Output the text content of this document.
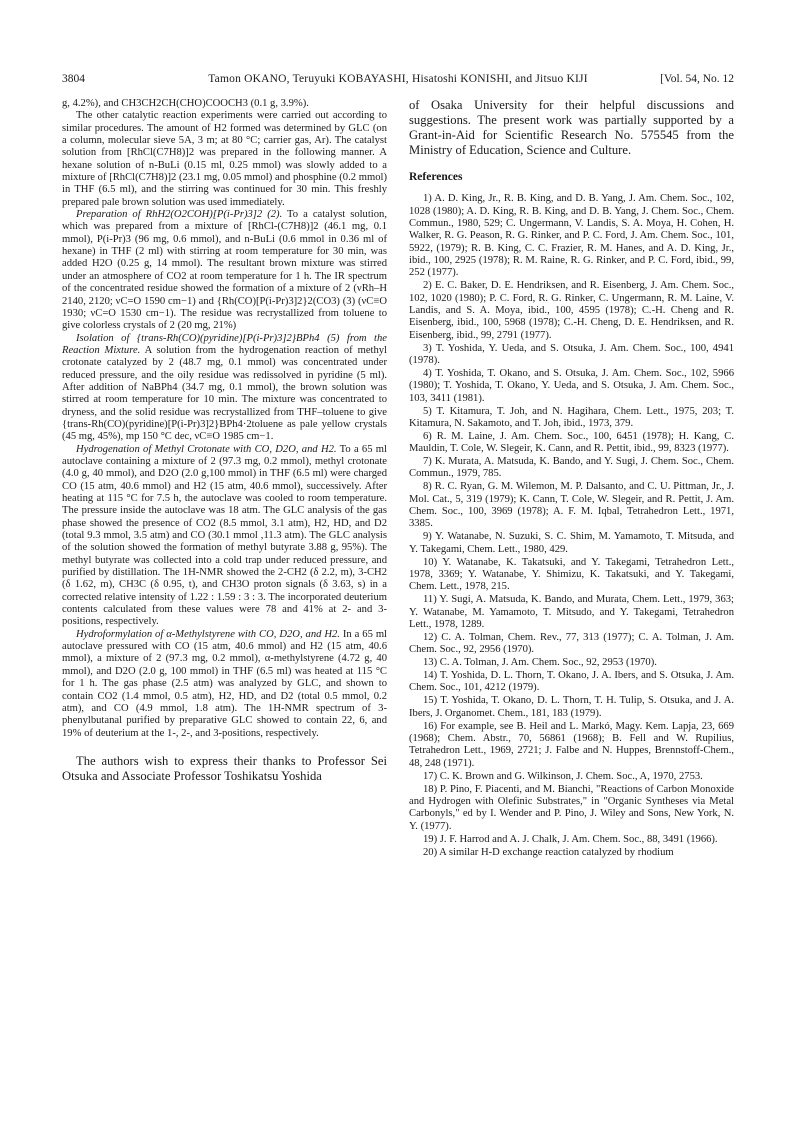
3804	Tamon OKANO, Teruyuki KOBAYASHI, Hisatoshi KONISHI, and Jitsuo KIJI	[Vol. 54, No. 12

g, 4.2%), and CH3CH2CH(CHO)COOCH3 (0.1 g, 3.9%).

The other catalytic reaction experiments were carried out according to similar procedures. The amount of H2 formed was determined by GLC (on a column, molecular sieve 5A, 3 m; at 80 °C; carrier gas, Ar). The catalyst solution from [RhCl(C7H8)]2 was prepared in the following manner. A hexane solution of n-BuLi (0.15 ml, 0.25 mmol) was slowly added to a mixture of [RhCl(C7H8)]2 (23.1 mg, 0.05 mmol) and phosphine (0.2 mmol) in THF (6.5 ml), and the stirring was continued for 30 min. This freshly prepared pale brown solution was used immediately.

Preparation of RhH2(O2COH)[P(i-Pr)3]2 (2). To a catalyst solution, which was prepared from a mixture of [RhCl-(C7H8)]2 (46.1 mg, 0.1 mmol), P(i-Pr)3 (96 mg, 0.6 mmol), and n-BuLi (0.6 mmol in 0.36 ml of hexane) in THF (2 ml) with stirring at room temperature for 30 min, was added H2O (0.25 g, 14 mmol). The resultant brown mixture was stirred under an atmosphere of CO2 at room temperature for 1 h. The IR spectrum of the concentrated residue showed the formation of a mixture of 2 (νRh–H 2140, 2120; νC=O 1590 cm−1) and {Rh(CO)[P(i-Pr)3]2}2(CO3) (3) (νC≡O 1930; νC=O 1530 cm−1). The residue was recrystallized from toluene to give colorless crystals of 2 (20 mg, 21%)

Isolation of {trans-Rh(CO)(pyridine)[P(i-Pr)3]2}BPh4 (5) from the Reaction Mixture. A solution from the hydrogenation reaction of methyl crotonate catalyzed by 2 (48.7 mg, 0.1 mmol) was concentrated under reduced pressure, and the oily residue was redissolved in pyridine (5 ml). After addition of NaBPh4 (34.7 mg, 0.1 mmol), the brown solution was stirred at room temperature for 10 min. The mixture was concentrated to dryness, and the solid residue was recrystallized from THF–toluene to give {trans-Rh(CO)(pyridine)[P(i-Pr)3]2}BPh4·2toluene as pale yellow crystals (45 mg, 45%), mp 150 °C dec, νC≡O 1985 cm−1.

Hydrogenation of Methyl Crotonate with CO, D2O, and H2. To a 65 ml autoclave containing a mixture of 2 (97.3 mg, 0.2 mmol), methyl crotonate (4.0 g, 40 mmol), and D2O (2.0 g,100 mmol) in THF (6.5 ml) were charged CO (15 atm, 40.6 mmol) and H2 (15 atm, 40.6 mmol), successively. After heating at 115 °C for 7.5 h, the autoclave was cooled to room temperature. The pressure inside the autoclave was 18 atm. The GLC analysis of the gas phase showed the presence of CO2 (8.5 mmol, 3.1 atm), H2, HD, and D2 (total 9.3 mmol, 3.5 atm) and CO (30.1 mmol ,11.3 atm). The GLC analysis of the solution showed the formation of methyl butyrate 3.88 g, 95%). The methyl butyrate was collected into a cold trap under reduced pressure, and purified by distillation. The 1H-NMR showed the 2-CH2 (δ 2.2, m), 3-CH2 (δ 1.62, m), CH3C (δ 0.95, t), and CH3O proton signals (δ 3.63, s) in a corrected relative intensity of 1.22 : 1.59 : 3 : 3. The incorporated deuterium contents calculated from these values were 78 and 41% at 2- and 3-positions, respectively.

Hydroformylation of α-Methylstyrene with CO, D2O, and H2. In a 65 ml autoclave pressured with CO (15 atm, 40.6 mmol) and H2 (15 atm, 40.6 mmol), a mixture of 2 (97.3 mg, 0.2 mmol), α-methylstyrene (4.72 g, 40 mmol), and D2O (2.0 g, 100 mmol) in THF (6.5 ml) was heated at 115 °C for 1 h. The gas phase (2.5 atm) was analyzed by GLC, and shown to contain CO2 (1.4 mmol, 0.5 atm), H2, HD, and D2 (total 0.5 mmol, 0.2 atm), and CO (4.9 mmol, 1.8 atm). The 1H-NMR spectrum of 3-phenylbutanal purified by preparative GLC showed to contain 22, 6, and 19% of deuterium at the 1-, 2-, and 3-positions, respectively.

The authors wish to express their thanks to Professor Sei Otsuka and Associate Professor Toshikatsu Yoshida

of Osaka University for their helpful discussions and suggestions. The present work was partially supported by a Grant-in-Aid for Scientific Research No. 575545 from the Ministry of Education, Science and Culture.

References

1) A. D. King, Jr., R. B. King, and D. B. Yang, J. Am. Chem. Soc., 102, 1028 (1980); A. D. King, R. B. King, and D. B. Yang, J. Chem. Soc., Chem. Commun., 1980, 529; C. Ungermann, V. Landis, S. A. Moya, H. Cohen, H. Walker, R. G. Peason, R. G. Rinker, and P. C. Ford, J. Am. Chem. Soc., 101, 5922, (1979); R. B. King, C. C. Frazier, R. M. Hanes, and A. D. King, Jr., ibid., 100, 2925 (1978); R. M. Raine, R. G. Rinker, and P. C. Ford, ibid., 99, 252 (1977).

2) E. C. Baker, D. E. Hendriksen, and R. Eisenberg, J. Am. Chem. Soc., 102, 1020 (1980); P. C. Ford, R. G. Rinker, C. Ungermann, R. M. Laine, V. Landis, and S. A. Moya, ibid., 100, 4595 (1978); C.-H. Cheng and R. Eisenberg, ibid., 100, 5968 (1978); C.-H. Cheng, D. E. Hendriksen, and R. Eisenberg, ibid., 99, 2791 (1977).

3) T. Yoshida, Y. Ueda, and S. Otsuka, J. Am. Chem. Soc., 100, 4941 (1978).

4) T. Yoshida, T. Okano, and S. Otsuka, J. Am. Chem. Soc., 102, 5966 (1980); T. Yoshida, T. Okano, Y. Ueda, and S. Otsuka, J. Am. Chem. Soc., 103, 3411 (1981).

5) T. Kitamura, T. Joh, and N. Hagihara, Chem. Lett., 1975, 203; T. Kitamura, N. Sakamoto, and T. Joh, ibid., 1973, 379.

6) R. M. Laine, J. Am. Chem. Soc., 100, 6451 (1978); H. Kang, C. Mauldin, T. Cole, W. Slegeir, K. Cann, and R. Pettit, ibid., 99, 8323 (1977).

7) K. Murata, A. Matsuda, K. Bando, and Y. Sugi, J. Chem. Soc., Chem. Commun., 1979, 785.

8) R. C. Ryan, G. M. Wilemon, M. P. Dalsanto, and C. U. Pittman, Jr., J. Mol. Cat., 5, 319 (1979); K. Cann, T. Cole, W. Slegeir, and R. Pettit, J. Am. Chem. Soc., 100, 3969 (1978); A. F. M. Iqbal, Tetrahedron Lett., 1971, 3385.

9) Y. Watanabe, N. Suzuki, S. C. Shim, M. Yamamoto, T. Mitsuda, and Y. Takegami, Chem. Lett., 1980, 429.

10) Y. Watanabe, K. Takatsuki, and Y. Takegami, Tetrahedron Lett., 1978, 3369; Y. Watanabe, Y. Shimizu, K. Takatsuki, and Y. Takegami, Chem. Lett., 1978, 215.

11) Y. Sugi, A. Matsuda, K. Bando, and Murata, Chem. Lett., 1979, 363; Y. Watanabe, M. Yamamoto, T. Mitsudo, and Y. Takegami, Tetrahedron Lett., 1978, 1289.

12) C. A. Tolman, Chem. Rev., 77, 313 (1977); C. A. Tolman, J. Am. Chem. Soc., 92, 2956 (1970).

13) C. A. Tolman, J. Am. Chem. Soc., 92, 2953 (1970).

14) T. Yoshida, D. L. Thorn, T. Okano, J. A. Ibers, and S. Otsuka, J. Am. Chem. Soc., 101, 4212 (1979).

15) T. Yoshida, T. Okano, D. L. Thorn, T. H. Tulip, S. Otsuka, and J. A. Ibers, J. Organomet. Chem., 181, 183 (1979).

16) For example, see B. Heil and L. Markó, Magy. Kem. Lapja, 23, 669 (1968); Chem. Abstr., 70, 56861 (1968); B. Fell and W. Rupilius, Tetrahedron Lett., 1969, 2721; J. Falbe and N. Huppes, Brennstoff-Chem., 48, 248 (1971).

17) C. K. Brown and G. Wilkinson, J. Chem. Soc., A, 1970, 2753.

18) P. Pino, F. Piacenti, and M. Bianchi, "Reactions of Carbon Monoxide and Hydrogen with Olefinic Substrates," in "Organic Syntheses via Metal Carbonyls," ed by I. Wender and P. Pino, J. Wiley and Sons, New York, N. Y. (1977).

19) J. F. Harrod and A. J. Chalk, J. Am. Chem. Soc., 88, 3491 (1966).

20) A similar H-D exchange reaction catalyzed by rhodium
